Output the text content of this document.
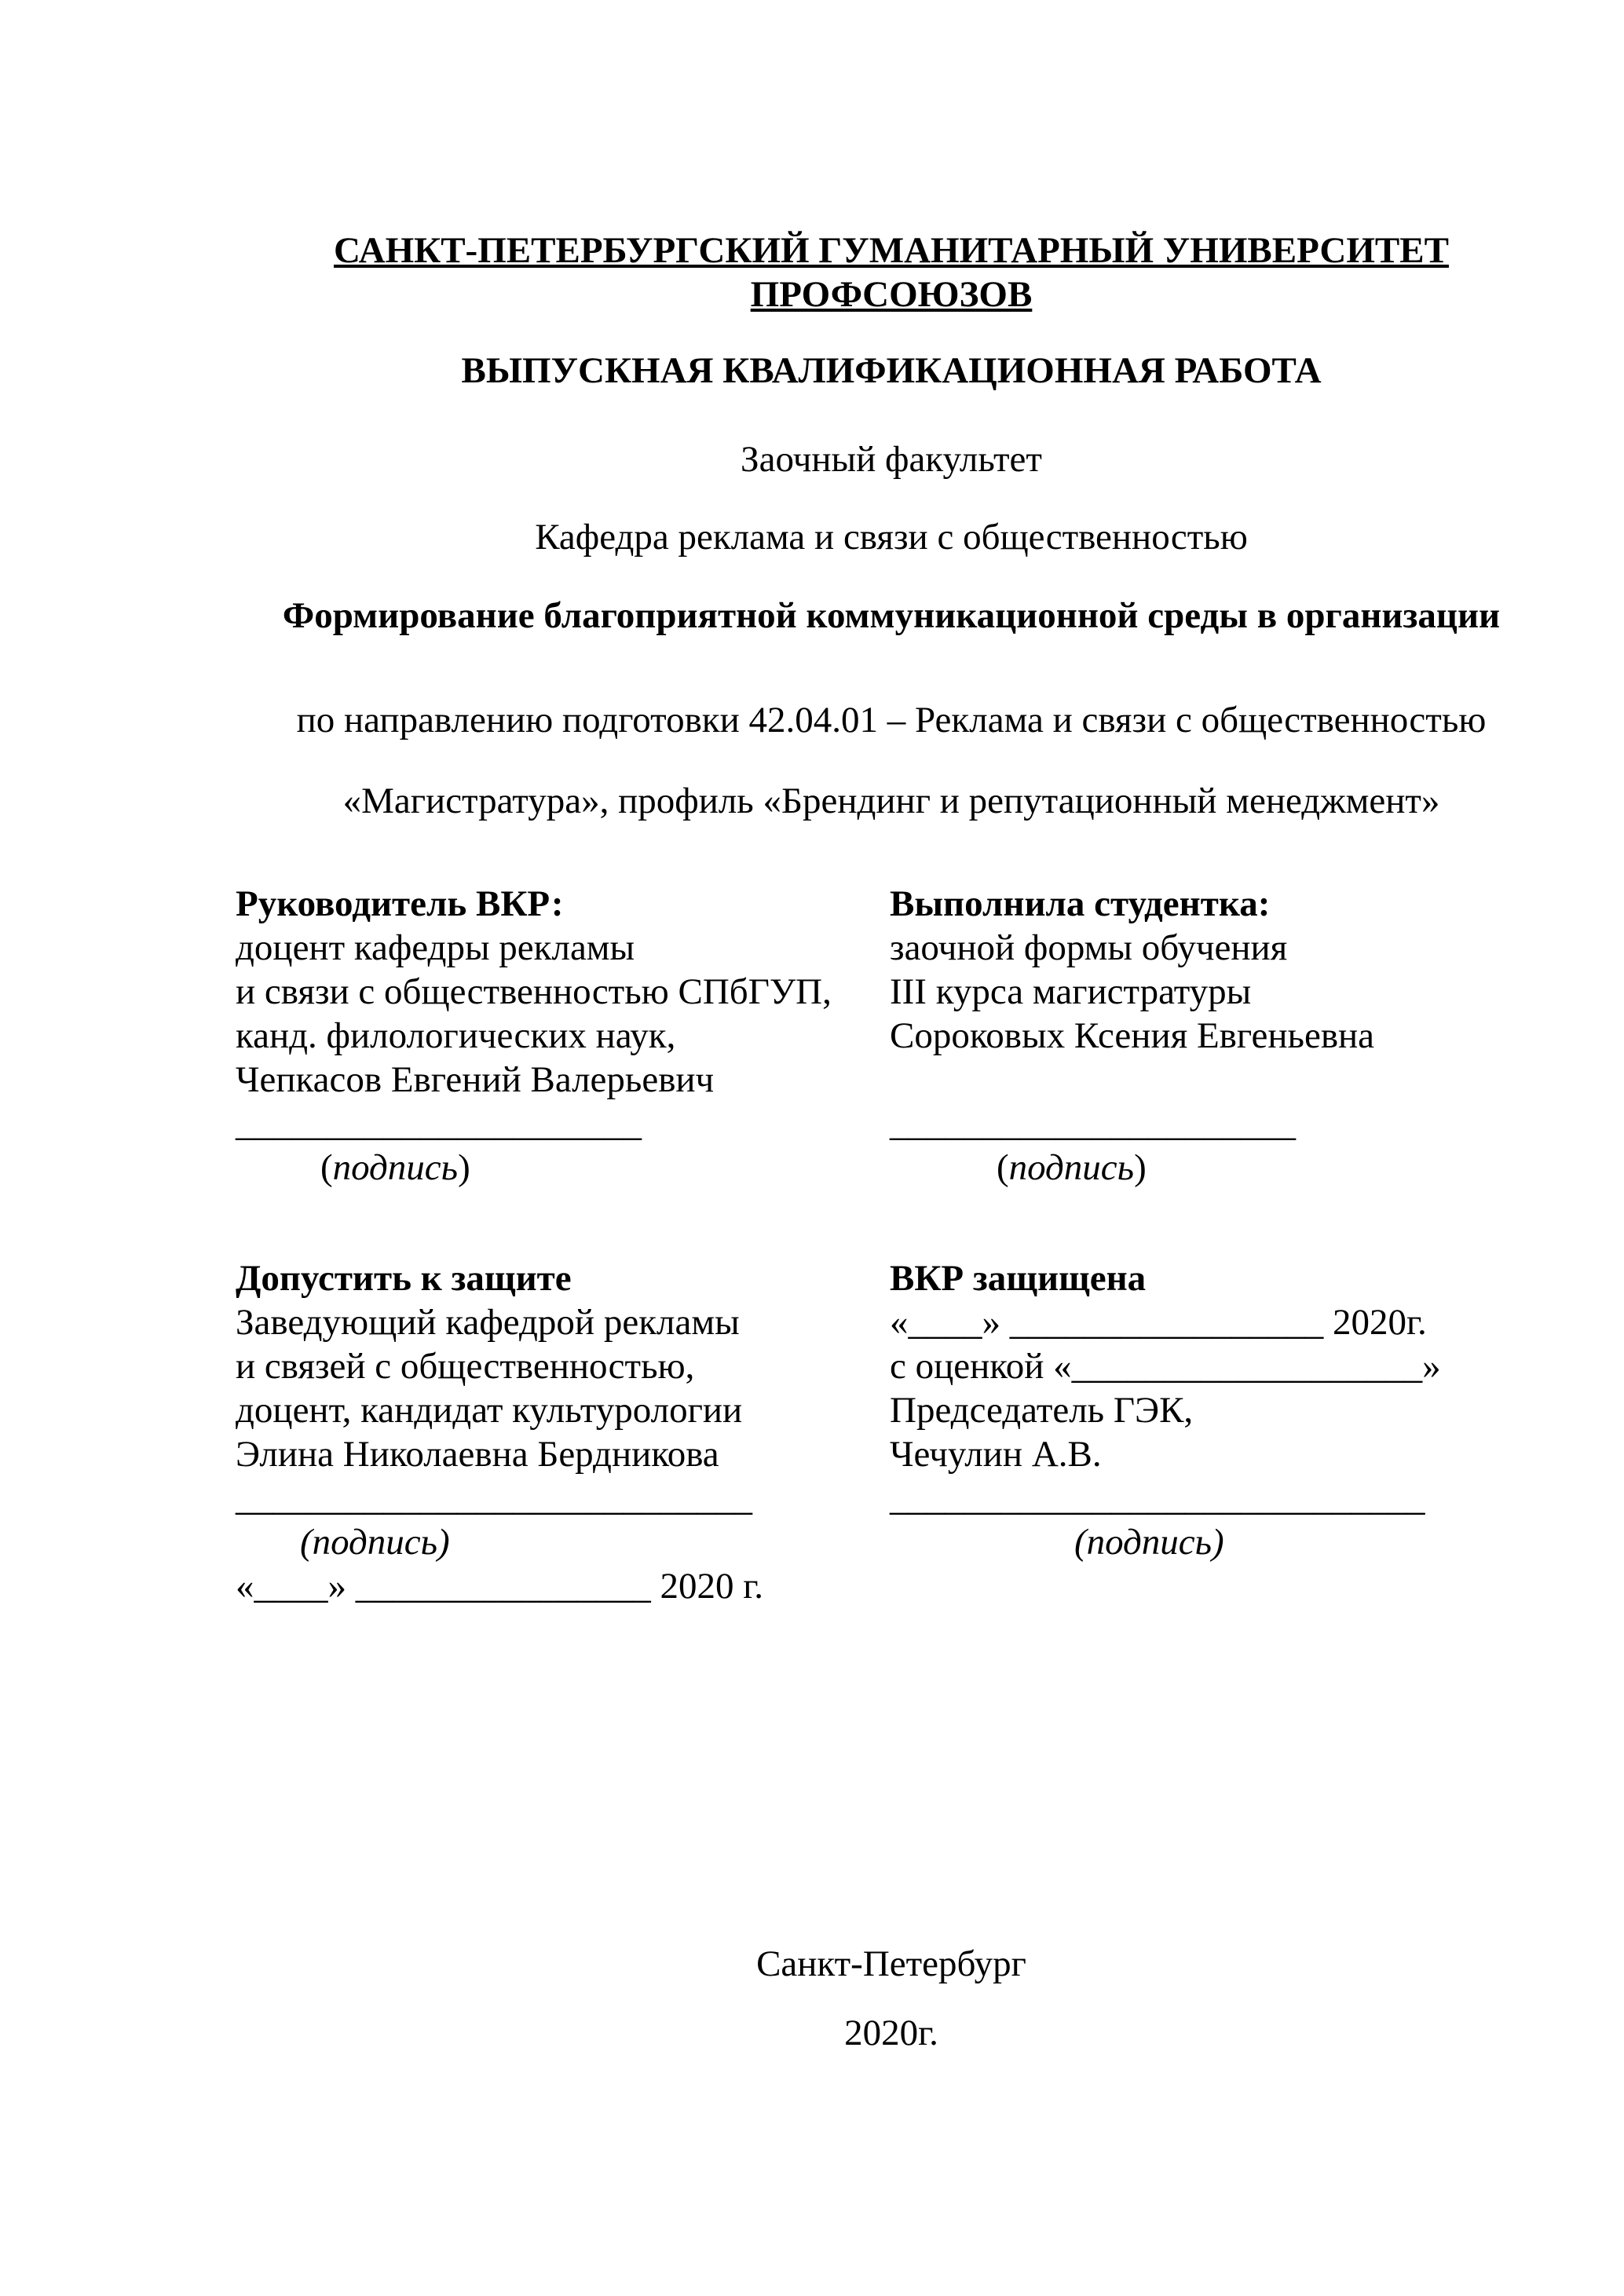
САНКТ-ПЕТЕРБУРГСКИЙ ГУМАНИТАРНЫЙ УНИВЕРСИТЕТ
ПРОФСОЮЗОВ
ВЫПУСКНАЯ КВАЛИФИКАЦИОННАЯ РАБОТА
Заочный факультет
Кафедра реклама и связи с общественностью
Формирование благоприятной коммуникационной среды в организации
по направлению подготовки 42.04.01 – Реклама и связи с общественностью
«Магистратура», профиль «Брендинг и репутационный менеджмент»
Руководитель ВКР:
доцент кафедры рекламы
и связи с общественностью СПбГУП,
канд. филологических наук,
Чепкасов Евгений Валерьевич
______________________
(подпись)
Выполнила студентка:
заочной формы обучения
III курса магистратуры
Сороковых Ксения Евгеньевна
______________________
(подпись)
Допустить к защите
Заведующий кафедрой рекламы
и связей с общественностью,
доцент, кандидат культурологии
Элина Николаевна Бердникова
____________________________
(подпись)
«____» ________________ 2020 г.
ВКР защищена
«____» _________________ 2020г.
с оценкой «___________________»
Председатель ГЭК,
Чечулин А.В.
_____________________________
(подпись)
Санкт-Петербург
2020г.
